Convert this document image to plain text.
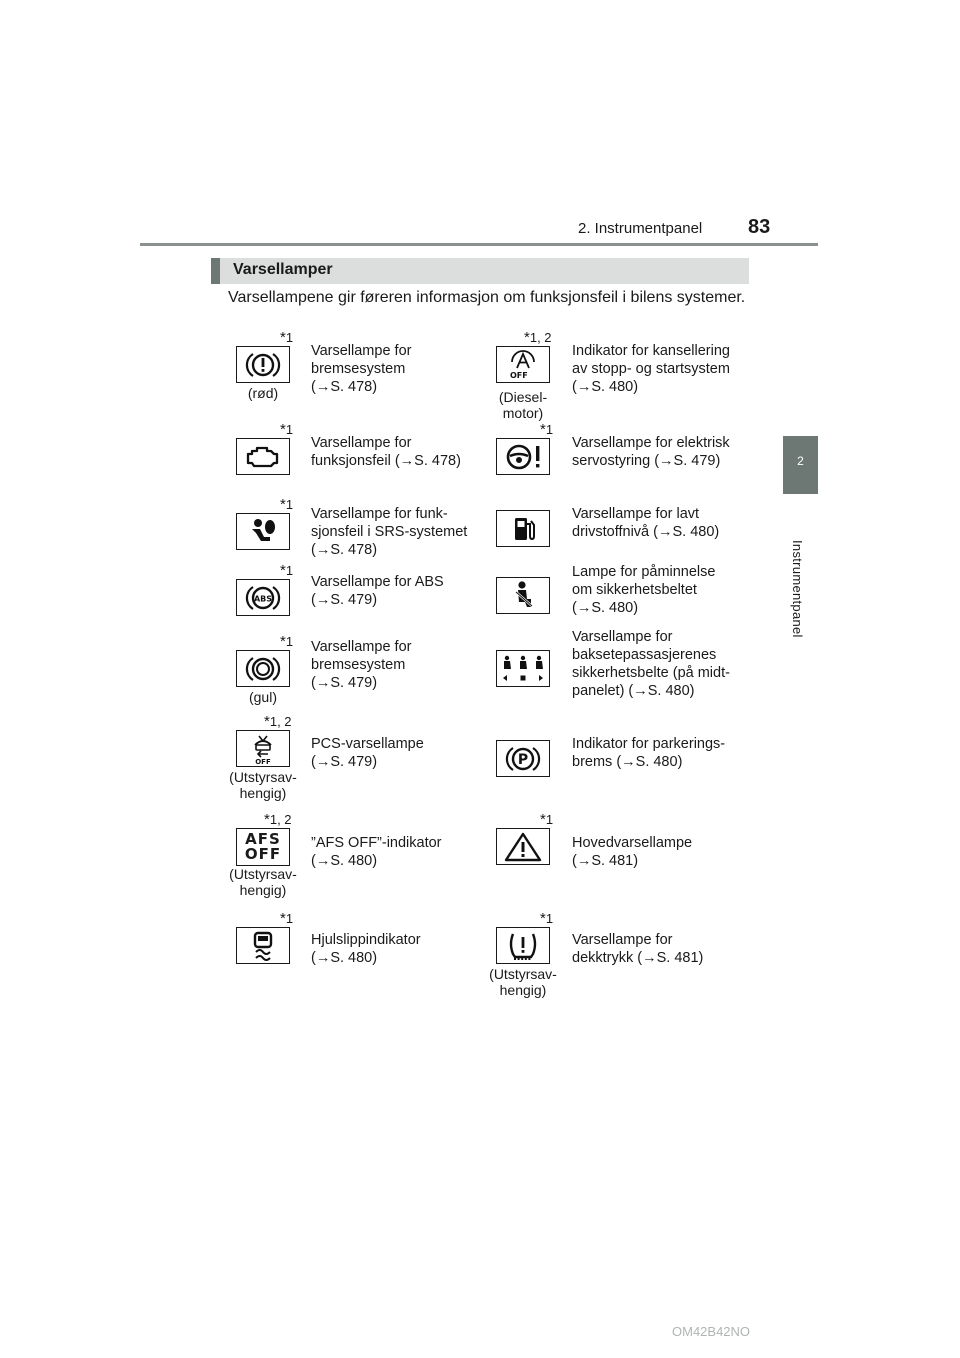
2. Instrumentpanel 83
2
Instrumentpanel
Varsellamper
Varsellampene gir føreren informasjon om funksjonsfeil i bilens systemer.
*1
(rød)
Varsellampe for
bremsesystem
(→S. 478)
*1
Varsellampe for
funksjonsfeil (→S. 478)
*1
Varsellampe for funk-
sjonsfeil i SRS-systemet
(→S. 478)
*1
ABS
Varsellampe for ABS
(→S. 479)
*1
(gul)
Varsellampe for
bremsesystem
(→S. 479)
*1, 2
OFF
(Utstyrsav-
hengig)
PCS-varsellampe
(→S. 479)
*1, 2
AFS
OFF
(Utstyrsav-
hengig)
”AFS OFF”-indikator
(→S. 480)
*1
Hjulslippindikator
(→S. 480)
*1, 2
OFF
(Diesel-
motor)
Indikator for kansellering
av stopp- og startsystem
(→S. 480)
*1
Varsellampe for elektrisk
servostyring (→S. 479)
Varsellampe for lavt
drivstoffnivå (→S. 480)
Lampe for påminnelse
om sikkerhetsbeltet
(→S. 480)
Varsellampe for
baksetepassasjerenes
sikkerhetsbelte (på midt-
panelet) (→S. 480)
P
Indikator for parkerings-
brems (→S. 480)
*1
Hovedvarsellampe
(→S. 481)
*1
(Utstyrsav-
hengig)
Varsellampe for
dekktrykk (→S. 481)
OM42B42NO
